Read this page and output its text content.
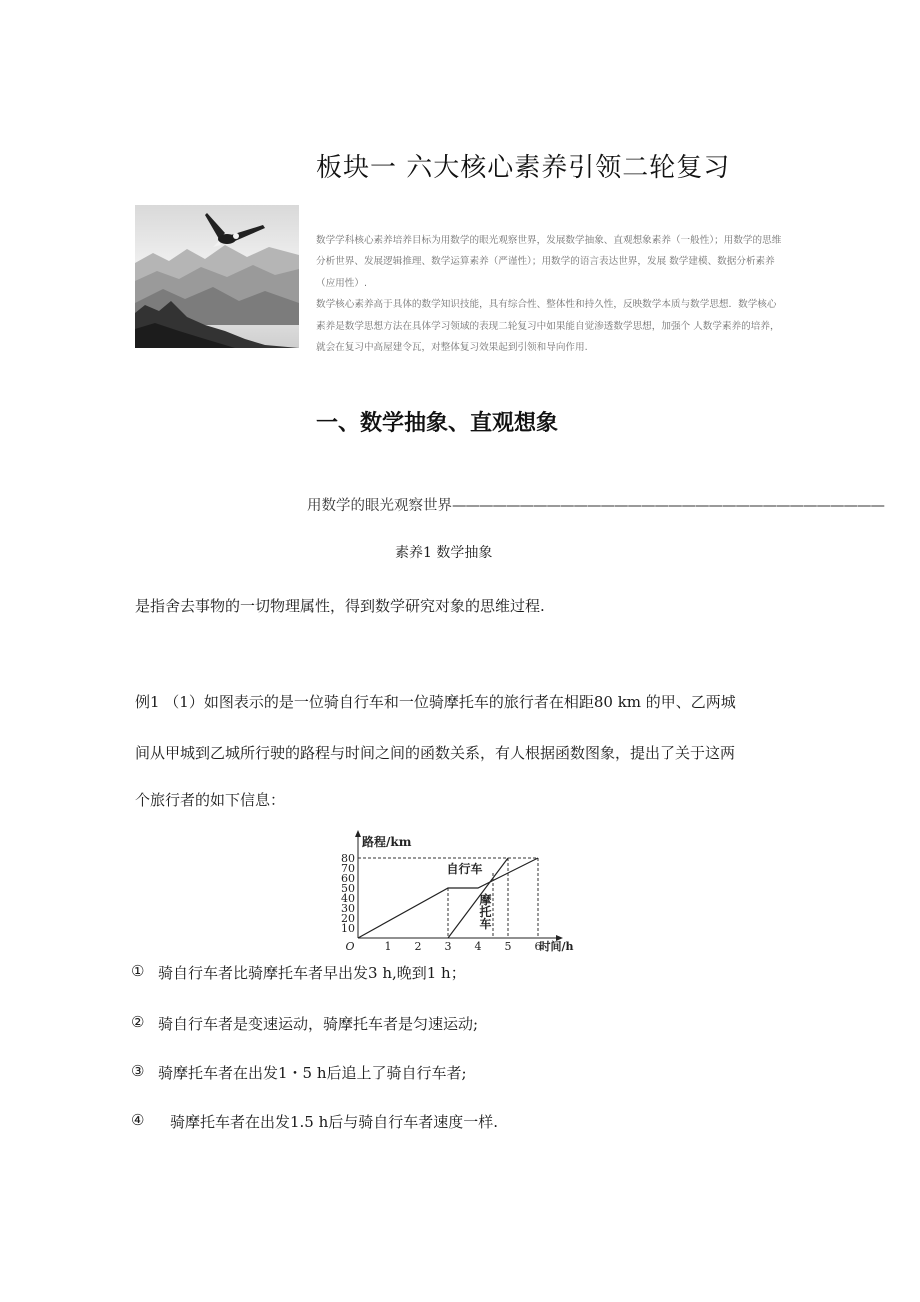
板块一 六大核心素养引领二轮复习

数学学科核心素养培养目标为用数学的眼光观察世界，发展数学抽象、直观想象素养（一般性）；用数学的思维分析世界、发展逻辑推理、数学运算素养（严谨性）；用数学的语言表达世界，发展 数学建模、数据分析素养（应用性）.

数学核心素养高于具体的数学知识技能，具有综合性、整体性和持久性，反映数学本质与数学思想．数学核心素养是数学思想方法在具体学习领域的表现二轮复习中如果能自觉渗透数学思想，加强个 人数学素养的培养，就会在复习中高屋建令瓦，对整体复习效果起到引领和导向作用.

一、数学抽象、直观想象
用数学的眼光观察世界————————————————————————————————
素养1 数学抽象
是指舍去事物的一切物理属性，得到数学研究对象的思维过程.
例1 （1）如图表示的是一位骑自行车和一位骑摩托车的旅行者在相距80 km 的甲、乙两城
间从甲城到乙城所行驶的路程与时间之间的函数关系，有人根据函数图象，提出了关于这两
个旅行者的如下信息：
路程/km
时间/h
O
10
20
30
40
50
60
70
80
1 2 3 4 5 6
自行车
摩
托
车
① 骑自行车者比骑摩托车者早出发3 h,晚到1 h；
② 骑自行车者是变速运动，骑摩托车者是匀速运动;
③ 骑摩托车者在出发1・5 h后追上了骑自行车者;
④ 骑摩托车者在出发1.5 h后与骑自行车者速度一样.
